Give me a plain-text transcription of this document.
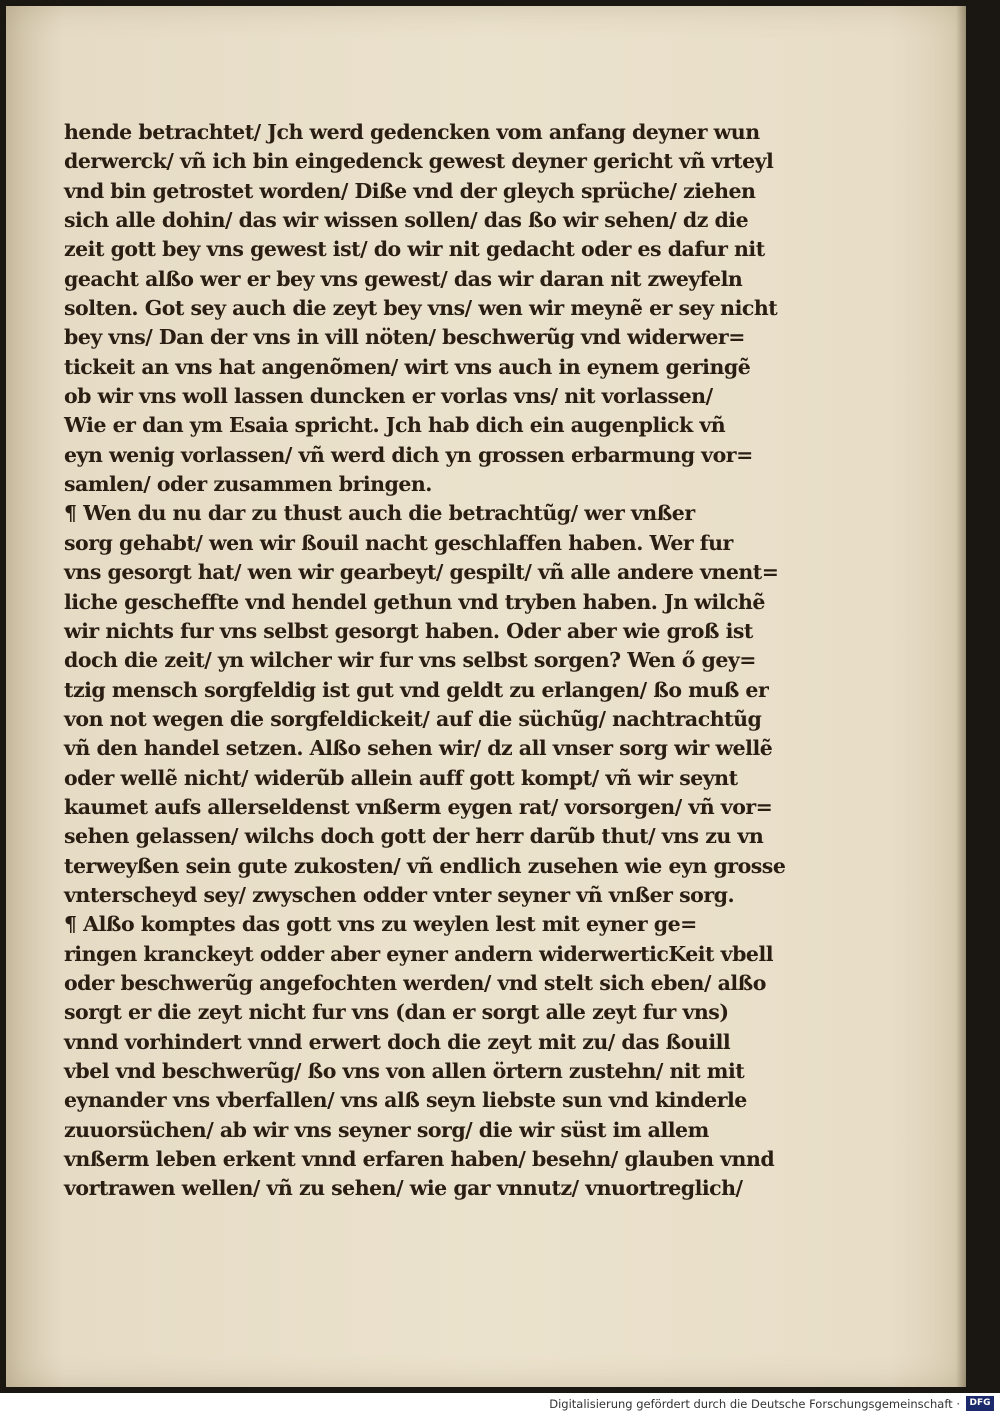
hende betrachtet/ Jch werd gedencken vom anfang deyner wun
derwerck/ vñ ich bin eingedenck gewest deyner gericht vñ vrteyl
vnd bin getrostet worden/ Diße vnd der gleych sprüche/ ziehen
sich alle dohin/ das wir wissen sollen/ das ßo wir sehen/ dz die
zeit gott bey vns gewest ist/ do wir nit gedacht oder es dafur nit
geacht alßo wer er bey vns gewest/ das wir daran nit zweyfeln
solten. Got sey auch die zeyt bey vns/ wen wir meynẽ er sey nicht
bey vns/ Dan der vns in vill nöten/ beschwerũg vnd widerwer=
tickeit an vns hat angenõmen/ wirt vns auch in eynem geringẽ
ob wir vns woll lassen duncken er vorlas vns/ nit vorlassen/
Wie er dan ym Esaia spricht. Jch hab dich ein augenplick vñ
eyn wenig vorlassen/ vñ werd dich yn grossen erbarmung vor=
samlen/ oder zusammen bringen.
¶ Wen du nu dar zu thust auch die betrachtũg/ wer vnßer
sorg gehabt/ wen wir ßouil nacht geschlaffen haben. Wer fur
vns gesorgt hat/ wen wir gearbeyt/ gespilt/ vñ alle andere vnent=
liche gescheffte vnd hendel gethun vnd tryben haben. Jn wilchẽ
wir nichts fur vns selbst gesorgt haben. Oder aber wie groß ist
doch die zeit/ yn wilcher wir fur vns selbst sorgen? Wen ő gey=
tzig mensch sorgfeldig ist gut vnd geldt zu erlangen/ ßo muß er
von not wegen die sorgfeldickeit/ auf die süchũg/ nachtrachtũg
vñ den handel setzen. Alßo sehen wir/ dz all vnser sorg wir wellẽ
oder wellẽ nicht/ widerũb allein auff gott kompt/ vñ wir seynt
kaumet aufs allerseldenst vnßerm eygen rat/ vorsorgen/ vñ vor=
sehen gelassen/ wilchs doch gott der herr darũb thut/ vns zu vn
terweyßen sein gute zukosten/ vñ endlich zusehen wie eyn grosse
vnterscheyd sey/ zwyschen odder vnter seyner vñ vnßer sorg.
¶ Alßo komptes das gott vns zu weylen lest mit eyner ge=
ringen kranckeyt odder aber eyner andern widerwerticKeit vbell
oder beschwerũg angefochten werden/ vnd stelt sich eben/ alßo
sorgt er die zeyt nicht fur vns (dan er sorgt alle zeyt fur vns)
vnnd vorhindert vnnd erwert doch die zeyt mit zu/ das ßouill
vbel vnd beschwerũg/ ßo vns von allen örtern zustehn/ nit mit
eynander vns vberfallen/ vns alß seyn liebste sun vnd kinderle
zuuorsüchen/ ab wir vns seyner sorg/ die wir süst im allem
vnßerm leben erkent vnnd erfaren haben/ besehn/ glauben vnnd
vortrawen wellen/ vñ zu sehen/ wie gar vnnutz/ vnuortreglich/
Digitalisierung gefördert durch die Deutsche Forschungsgemeinschaft ·	DFG
